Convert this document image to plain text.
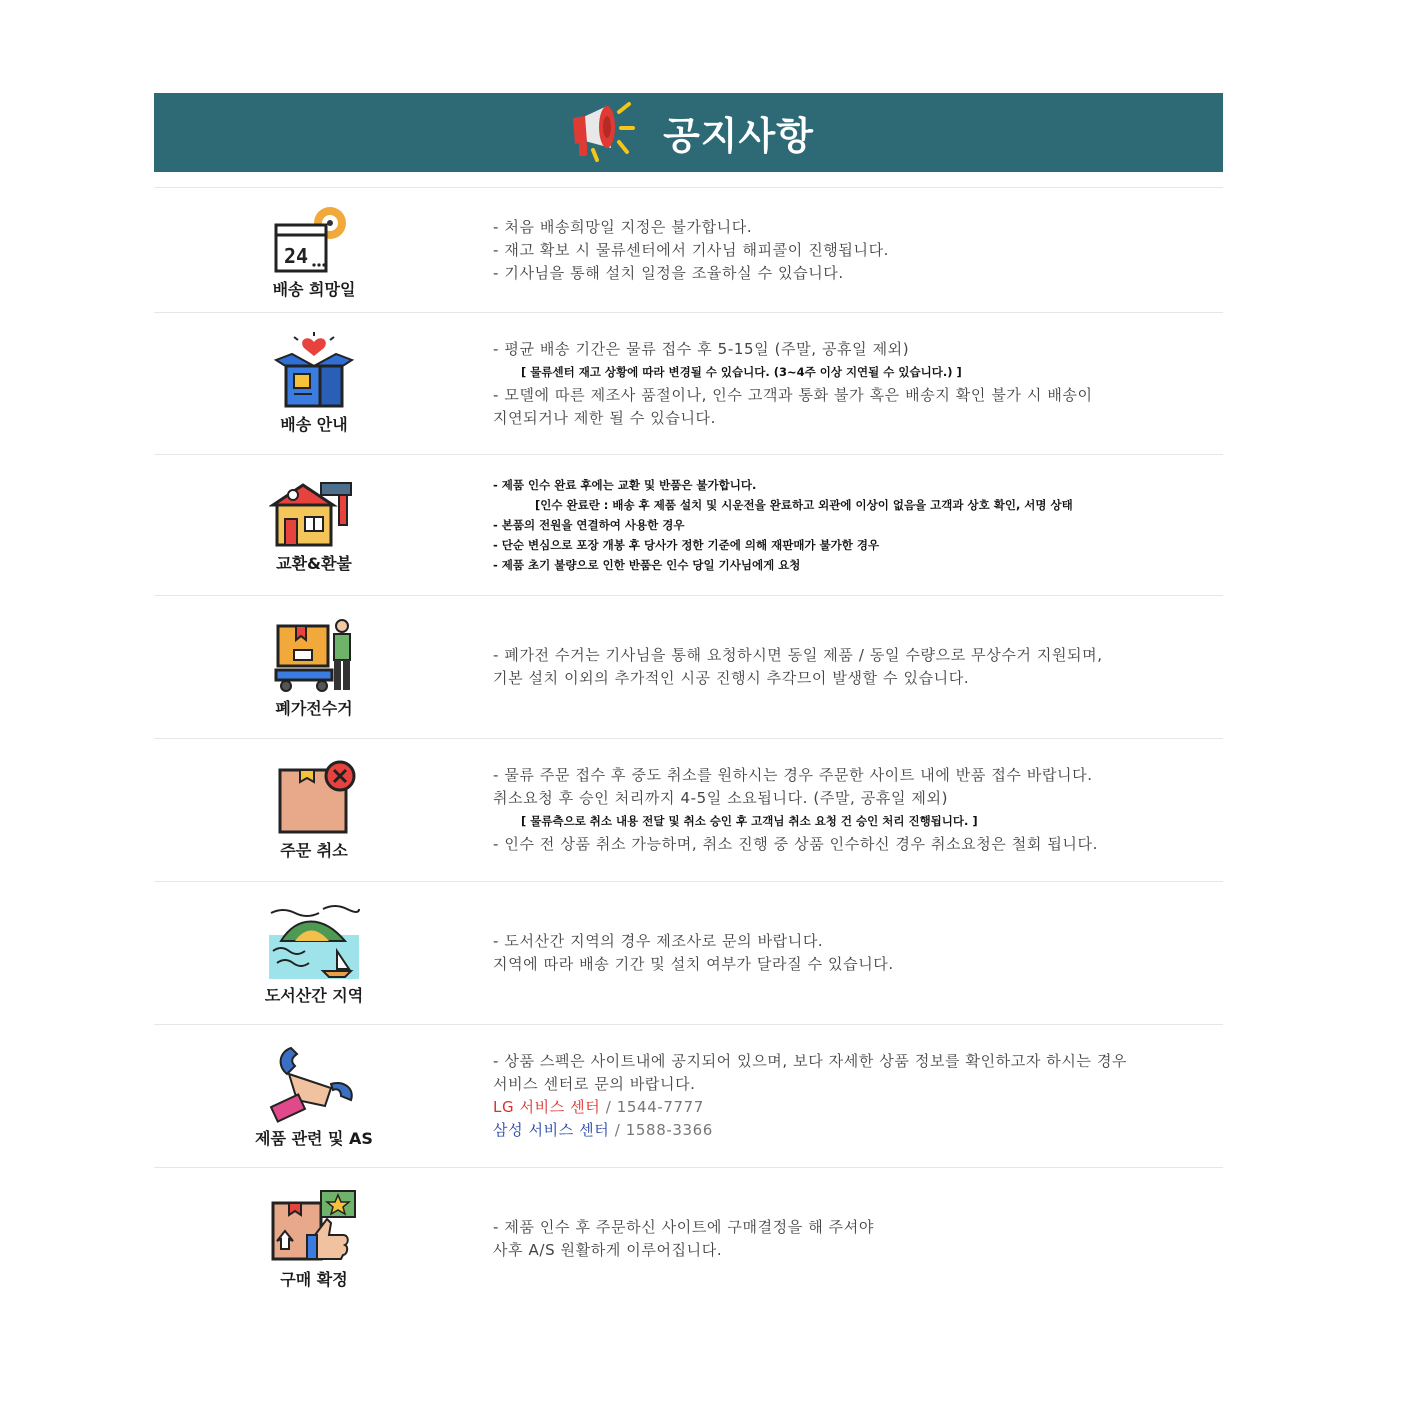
공지사항
24
배송 희망일
- 처음 배송희망일 지정은 불가합니다.
- 재고 확보 시 물류센터에서 기사님 해피콜이 진행됩니다.
- 기사님을 통해 설치 일정을 조율하실 수 있습니다.
배송 안내
- 평균 배송 기간은 물류 접수 후 5-15일 (주말, 공휴일 제외)
[ 물류센터 재고 상황에 따라 변경될 수 있습니다. (3~4주 이상 지연될 수 있습니다.) ]
- 모델에 따른 제조사 품절이나, 인수 고객과 통화 불가 혹은 배송지 확인 불가 시 배송이
지연되거나 제한 될 수 있습니다.
교환&환불
- 제품 인수 완료 후에는 교환 및 반품은 불가합니다.
[인수 완료란 : 배송 후 제품 설치 및 시운전을 완료하고 외관에 이상이 없음을 고객과 상호 확인, 서명 상태
- 본품의 전원을 연결하여 사용한 경우
- 단순 변심으로 포장 개봉 후 당사가 정한 기준에 의해 재판매가 불가한 경우
- 제품 초기 불량으로 인한 반품은 인수 당일 기사님에게 요청
폐가전수거
- 폐가전 수거는 기사님을 통해 요청하시면 동일 제품 / 동일 수량으로 무상수거 지원되며,
기본 설치 이외의 추가적인 시공 진행시 추각므이 발생할 수 있습니다.
주문 취소
- 물류 주문 접수 후 중도 취소를 원하시는 경우 주문한 사이트 내에 반품 접수 바랍니다.
취소요청 후 승인 처리까지 4-5일 소요됩니다. (주말, 공휴일 제외)
[ 물류측으로 취소 내용 전달 및 취소 승인 후 고객님 취소 요청 건 승인 처리 진행됩니다. ]
- 인수 전 상품 취소 가능하며, 취소 진행 중 상품 인수하신 경우 취소요청은 철회 됩니다.
도서산간 지역
- 도서산간 지역의 경우 제조사로 문의 바랍니다.
지역에 따라 배송 기간 및 설치 여부가 달라질 수 있습니다.
제품 관련 및 AS
- 상품 스펙은 사이트내에 공지되어 있으며, 보다 자세한 상품 정보를 확인하고자 하시는 경우
서비스 센터로 문의 바랍니다.
LG 서비스 센터 / 1544-7777
삼성 서비스 센터 / 1588-3366
구매 확정
- 제품 인수 후 주문하신 사이트에 구매결정을 해 주셔야
사후 A/S 원활하게 이루어집니다.
